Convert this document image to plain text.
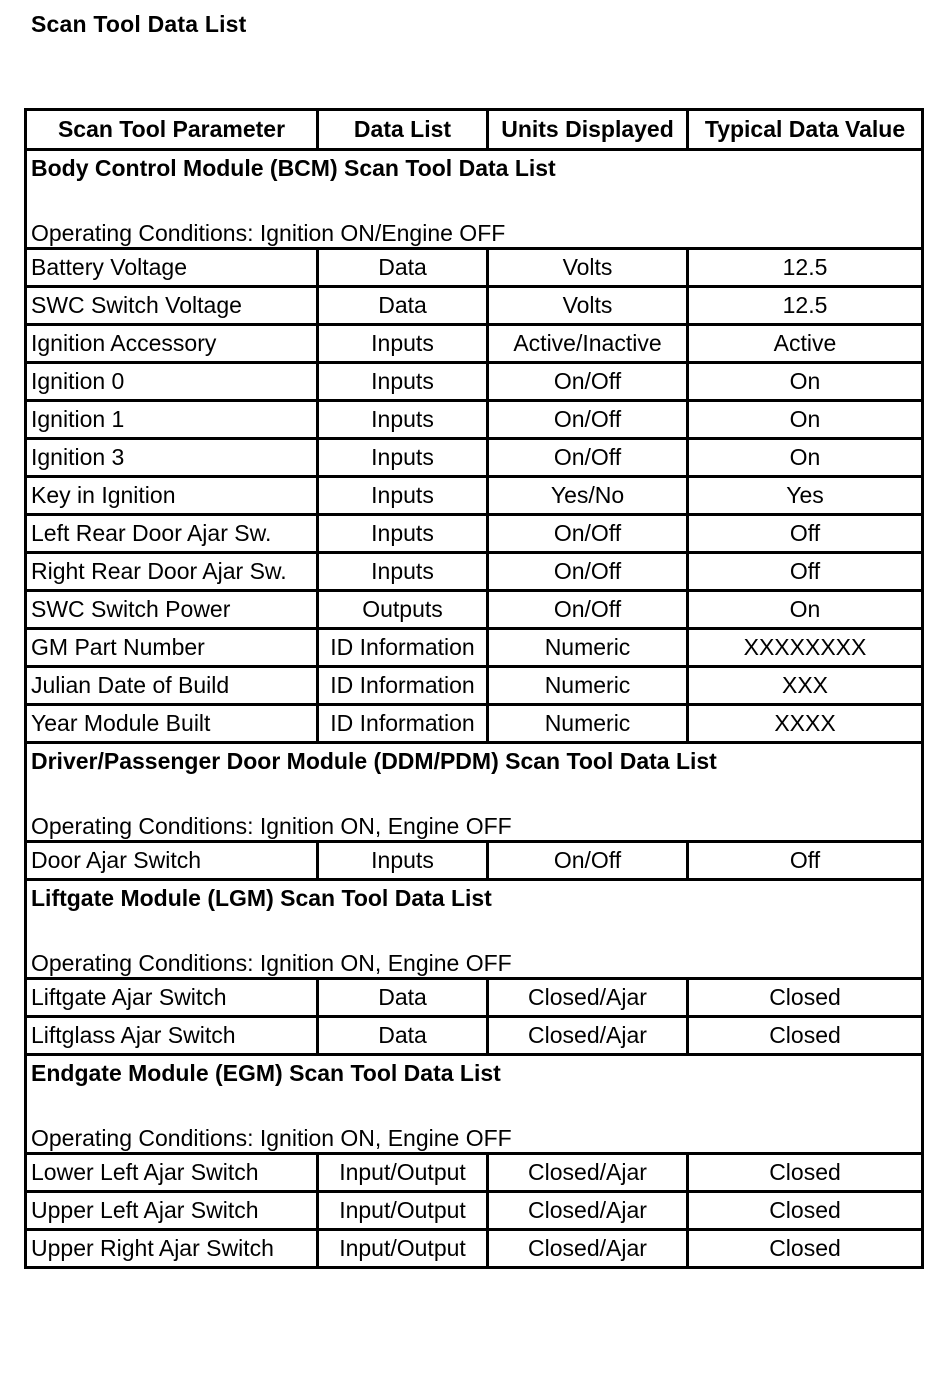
Scan Tool Data List
Scan Tool Parameter	Data List	Units Displayed	Typical Data Value

Body Control Module (BCM) Scan Tool Data List
Operating Conditions: Ignition ON/Engine OFF			

Battery Voltage	Data	Volts	12.5
SWC Switch Voltage	Data	Volts	12.5
Ignition Accessory	Inputs	Active/Inactive	Active
Ignition 0	Inputs	On/Off	On
Ignition 1	Inputs	On/Off	On
Ignition 3	Inputs	On/Off	On
Key in Ignition	Inputs	Yes/No	Yes
Left Rear Door Ajar Sw.	Inputs	On/Off	Off
Right Rear Door Ajar Sw.	Inputs	On/Off	Off
SWC Switch Power	Outputs	On/Off	On
GM Part Number	ID Information	Numeric	XXXXXXXX
Julian Date of Build	ID Information	Numeric	XXX
Year Module Built	ID Information	Numeric	XXXX

Driver/Passenger Door Module (DDM/PDM) Scan Tool Data List
Operating Conditions: Ignition ON, Engine OFF			

Door Ajar Switch	Inputs	On/Off	Off

Liftgate Module (LGM) Scan Tool Data List
Operating Conditions: Ignition ON, Engine OFF			

Liftgate Ajar Switch	Data	Closed/Ajar	Closed
Liftglass Ajar Switch	Data	Closed/Ajar	Closed

Endgate Module (EGM) Scan Tool Data List
Operating Conditions: Ignition ON, Engine OFF			

Lower Left Ajar Switch	Input/Output	Closed/Ajar	Closed
Upper Left Ajar Switch	Input/Output	Closed/Ajar	Closed
Upper Right Ajar Switch	Input/Output	Closed/Ajar	Closed
